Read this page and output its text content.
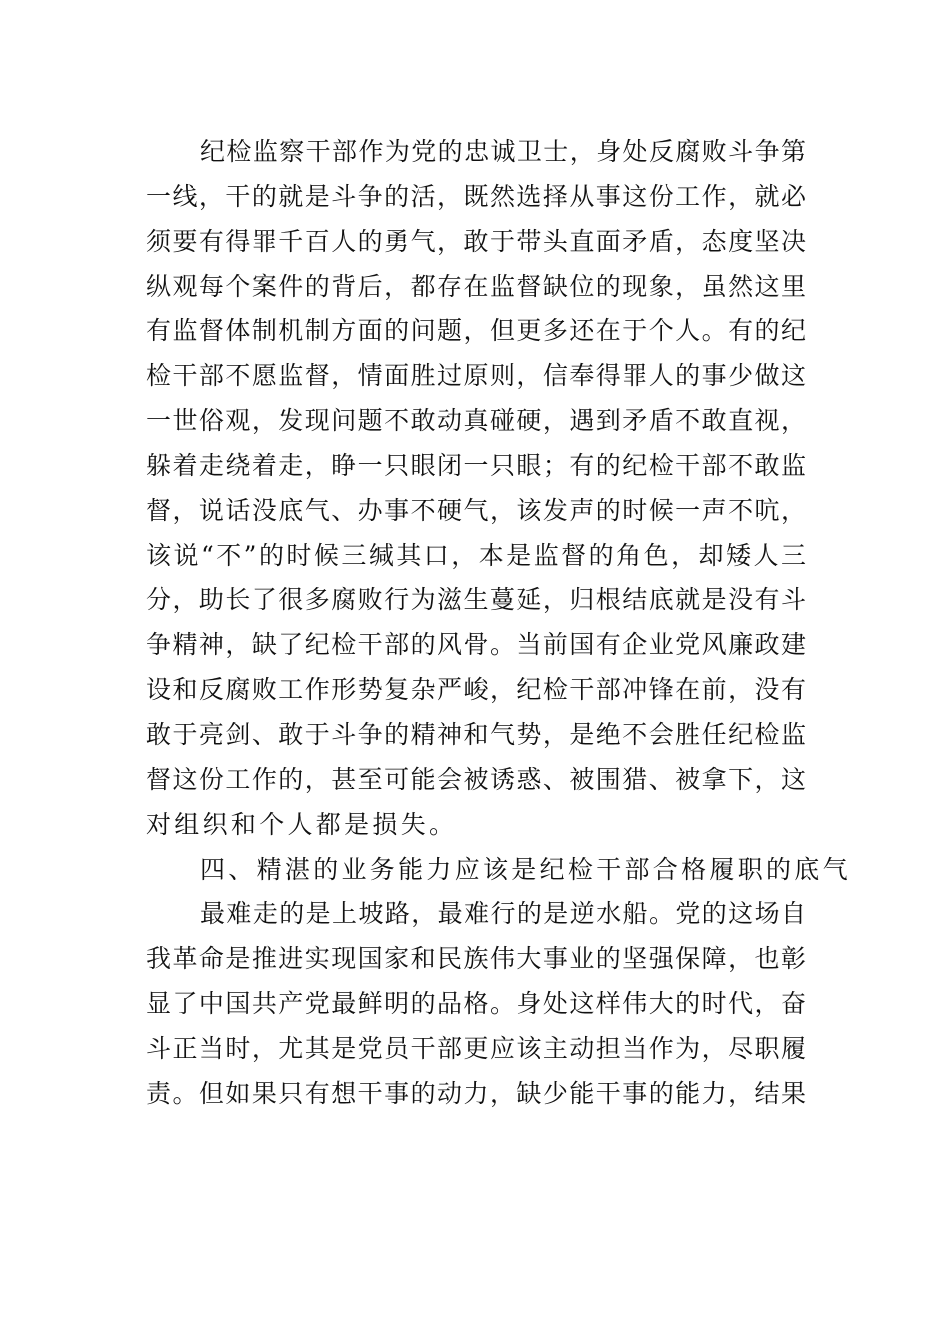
纪检监察干部作为党的忠诚卫士，身处反腐败斗争第
一线，干的就是斗争的活，既然选择从事这份工作，就必
须要有得罪千百人的勇气，敢于带头直面矛盾，态度坚决
纵观每个案件的背后，都存在监督缺位的现象，虽然这里
有监督体制机制方面的问题，但更多还在于个人。有的纪
检干部不愿监督，情面胜过原则，信奉得罪人的事少做这
一世俗观，发现问题不敢动真碰硬，遇到矛盾不敢直视，
躲着走绕着走，睁一只眼闭一只眼；有的纪检干部不敢监
督，说话没底气、办事不硬气，该发声的时候一声不吭，
该说“不”的时候三缄其口，本是监督的角色，却矮人三
分，助长了很多腐败行为滋生蔓延，归根结底就是没有斗
争精神，缺了纪检干部的风骨。当前国有企业党风廉政建
设和反腐败工作形势复杂严峻，纪检干部冲锋在前，没有
敢于亮剑、敢于斗争的精神和气势，是绝不会胜任纪检监
督这份工作的，甚至可能会被诱惑、被围猎、被拿下，这
对组织和个人都是损失。
四、精湛的业务能力应该是纪检干部合格履职的底气
最难走的是上坡路，最难行的是逆水船。党的这场自
我革命是推进实现国家和民族伟大事业的坚强保障，也彰
显了中国共产党最鲜明的品格。身处这样伟大的时代，奋
斗正当时，尤其是党员干部更应该主动担当作为，尽职履
责。但如果只有想干事的动力，缺少能干事的能力，结果
